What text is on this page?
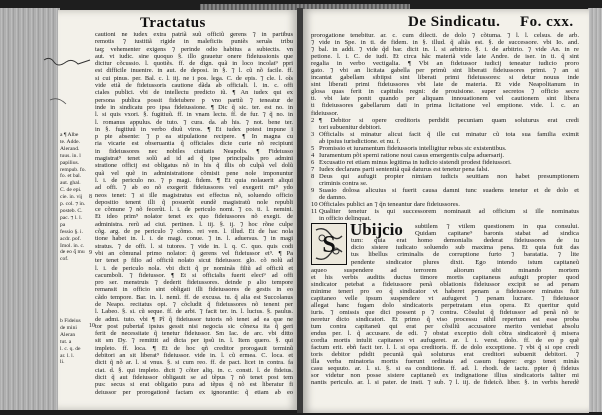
Tractatus	De Sindicatu. Fo. cxx.
cautioni ne iudex extra patriã suũ officiũ gerens ⁊ in partibus
remotis ⁊ iustitiã rigide in maleficiis puniẽs seruãs tribu
taq; vehementer exigens ⁊ perinde odio habitus a subiectis. vn
aut. vt iudic. sine quoquo §. illo grauetur onere fideiussionis que
dicitur cõcussio. l. quotiẽs. ff. de dign. quã in loco incolat⁹ ppri
est difficile inuenire. in aut. de deposi. in §. ⁊ l. cũ nõ facile. ff.
si cui pinus. per. Bal. c. l. iij. ne i pos. lega. C. de epis. ⁊ cle. l. oĩs
vide etiã de fideiussoris cautione dãda ab officiali. l. in. c. offi
ciales publici. vbi de intellectu predicto iũ. ¶ An iudex qui ex
persona publica possit fideiubere p vno partiũ ⁊ teneatur de
inde in sindicatu pro ipsa fideiussione. ¶ Dic q̃ sic. ter. est no. in
l. si quis vxori. §. fugitiuũ. ff. in vnam lectu. ff. de fur. ⁊ q̃ no. in
l. romanus appulus. de tuto. ⁊ cura. da. ab his. ⁊ not. bene ter.
in §. fugitiuũ in verbo diuũ viros. ¶ Et iudex potest impune i
p pte absente: ⁊ p ea stipulatione recipere. ¶ In magna cu
ria vicarie est obseruantia q̃ officiales dicte curie nõ recipiunt
in fideiussores nec nobiles ciuitatis Neapolis. ¶ Fideiusso
magistrat⁹ tenet solũ ad id ad q̃ ipse principalis pro admini
stratione officij est obligatus nõ in his q̃ illis ob culpã vel dolũ
quã vel quẽ in administratione cõmisit pene nole imponuntur
l. i. de periculo no. ⁊ p magi. fidem. ¶ Et quia nolauerit aliqui
ad offi. ⁊ ab eo nõ exegerit fideiussores vel exegerit mi⁹ ydo
neos tenet: ⁊ si ille magistratus est effectus nõ, soluendo officio
depositio tenent illi q̃ posuerũt eundẽ magistratũ nole republi
ce cõmune ⁊ nõ fecerũt. l. i. de periculo nomi. ⁊ co. ti. l. nemini.
Et ideo prim⁹ nolator tenet ex quo fideiussores nõ exegit. de
administra. rerũ ad ciui. pertinen. l. iij. §. ij. ⁊ hoc rõne culpe
cõg. arg. de pe periculo ⁊ cõmo. rei ven. l. illud. Et de hac nola
tione habet in. l. i. de magi. conue. ⁊ in. l. aduersus. ⁊ in magi
stratus. ⁊ de offi. l. si tutores. ⁊ vide in. l. q. C. quo. quis codi
vbi an cõmunal primo nolator: q̃ gerens vel fideiussor et⁹. ¶ Pa
ter tenet p filio ad officiũ nolato sicut fideiussor. glo. cõ nolũ ad
l. i. de periculo nola. vbi dicit q̃ pr nominãs filiũ ad officiũ et
cacumboli. ⁊ fideiussor. ¶ Et si officialis fuerit elect⁹ ad offi
pro ser. menstruis ⁊ dederit fideiussores. deinde p alio tempore
remansit in officio sint obligati illi fideiussores de gestis in eo
cãdo tempore. Bar. in. l. nemĩ. ff. de excusa. tu. q̃ alia est Succolanus
de Neapo. recitatus opi. ⁊ cõcludit q̃ fideiussores nõ tenent per
l. Labeo. §. si. cũ seque. ff. de arbi. ⁊ facit ter. in. l. lucius. §. paulus.
de admi. tuto. vbi ¶ Pĩ q̃ fideiussor tutoris nõ tenet ad ea que ne
tor post pubertat̃ ipsius gessit nisi negocia sic cõnexa ita q̃ geri
ferit de necessitate q̃ tenetur fideiussor. Sm Iac. de arc. vbi ditto
sit sm Dy. ⁊ remittit ad dicta per ipsũ in. l. Item quero. §. qui
impleto. ff. loca. ¶ Et de hoc qñ creditor prorogauit terminũ
debitori an sit liberat⁹ fideiussor. vide in. l. cũ ermea. C. loca. et
dicit q̃ nõ ar. l. si vnus. §. si cum reo. ff. de pact. licet in contra. fa
ciat. d. §. qui impleto. dicit ⁊ cõter aliq. in. c. consti. l. de fideius.
dicit q̃ aut fideiussor obligauit se ad tẽpus ⁊ nõ tenet post tem
pus: secus si erat obligatio pura ad tẽpus q̃ nõ est liberatur fi
deiussor per prorogationẽ factam ex ignorantie: q̃ etiam ab eo
a ¶ Albe
te. Adde.
Alerand.
tuus. in. l
papilius.
rempub. fo.
fo. et bal.
aut. ghal.
C. de epi.
cie. in. vij
p. col. ⁊ in.
posteb. C.
pac. ⁊ l. l. pa
fessio §. i.
acdr. pof.
Imol. in. c.
de eo q̃ mu
cof.
b Fideius
de mini
Aleran
tut. a
l. c. q. de
ar. l. l.
li.
8
9
10
prorogatione tenebitur. ar. c. cum dilecti. de dolo ⁊ cõtuma. ⁊ l. l. celsus. de arb.
⁊ vide in Spe. in ti. de fidem. in §. illud. q̃ aliãs est. §. de successore. vbi Io. and.
⁊ bal. in addi. ⁊ vide q̃d bar. dicit in. l. si arbitrio. §. i. de arbitrio. ⁊ vide An. in re
petione. l. i. C. de iudi. Et circa hãc materiã vide late Andre. de iser. in ti. q̃ sint
regalia in verbo vectigalia. ¶ Vbi an fideiussor iudicij teneatur iudicio proro
gato. ⁊ vbi an licitata gabella per primũ sint liberati fideiussores primi. ⁊ an si
incantat gabellam sibiipsi sint liberati primi fideiussores: si detur nouus inde
sint liberati primi fideiussores vbi late de materia. Et vide Neapolitanum in
glosa quas ferit in capitulis regni: de prouisione. super secretos ⁊ officio secre
ti. vbi late ponit quando per aliquam innouationem vel cautionem sint libera
ti fideiussores gabellarum dati in prima licitatione vel emptione. vide. l. c. an
fideiussor.
2 ¶ Debitor si opere creditoris perdidit pecuniam quam soluturus erat credi
tori subuenitur debitori.
3 Officialis si minatur alicui facit q̃ ille cui minatur cũ tota sua familia eximit
ab ipsius iurisdictione. et nu. f.
5 Promissio et iuramentum fideiussoris intelligitur rebus sic existentibus.
4 Iuramentum põt sperni ratione noui casus emergentis culpa aduersarij.
6 Excusatio rei etiam minus legitima in iudicio sistendi prodest fideiussori.
7 Iudex declarans parti sententiã quã daturus est tenetur pena falsi.
8 Deus qui aufugit propter nimiam iudicis seuitiam non habet presumptionem
criminis contra se.
9 Suasio dolosa alicuius si fuerit causa damni tunc suadens tenetur et de dolo et
de damno.
10Officiales publici an ⁊ q̃n teneantur dare fideiussores.
11 Qualiter tenetur is qui successorem nominauit ad officium si ille nominatus
in officio delinquat.
S
Ubijcio subtilem ⁊ vtilem questionem in qua consului.
Quidam capitane⁹ baronis stabat ad sindica
tum: quia erat homo demonialis dederat fideiussores de iu
dicio sistere iudicato soluendo sub maxima pena. Et quia fuit das
tus libellus criminalis de corruptione furto ⁊ baratatia. ⁊ lite
pendente sindicator plures dixit. Ego intendo istum capitaneũ
aqueo suspendere ad terrorem aliorum sibi minando mortem
et his verbis auditis ductus timore mortis capitaneus aufugit propter quod
sindicator petebat a fideiussore penã oblationis fideiussor excipit se ad penam
minime teneri pro eo q̃ sindicator vt haberet penam a fideiussore minatus fuit
capitaneo velle ipsum suspendere vt aufugeret ⁊ penam lucrare. ⁊ fideiussor
allegat hanc fugam dolo sindicatoris perpetratam eius opera. Et queritur quid
iuris. ⁊ omissis que dici possent p ⁊ contra. Cõsului q̃ fideiussor ad penã nõ te
neretur dicto sindicatori. Et primo q̃ viso processu nihil repertum est esse proba
tum contra capitaneũ qui erat per cõsiliũ accusatore merito veniebat absolu
endus per. l. q̃ accusare. de edi. ⁊ obstat exceptio doli cõtra sindicatorẽ q̃ misera
cordia mortis intulit capitaneo vt aufugeret. ar. l. i. verst. dolo. ff. de eo p quẽ
factum erit. ebñ facit ter. l. l. si opa creditoris. ff. de dolo exceptione. ⁊ vbi q̃ si ope credi
toris debitor pdidit pecuniã quã soluturus erat creditori subuenit debitori. ⁊
illa verba minatoria mortis fuerunt ordinata ad casum fugere: ergo tenet minãs
casu sequuto. ar. l. si. §. si ea conditione. ff. ad. l. rhodi. de iactu. ppter q̃ fideius
sor videtur non posse sistere capitaneũ ex indignatione illius sindicatoris taliter mi
nantis periculo. ar. l. si pater. de insti. ⁊ sub. ⁊ l. iij. de fideicõ. liber. §. in verbis heredẽ
